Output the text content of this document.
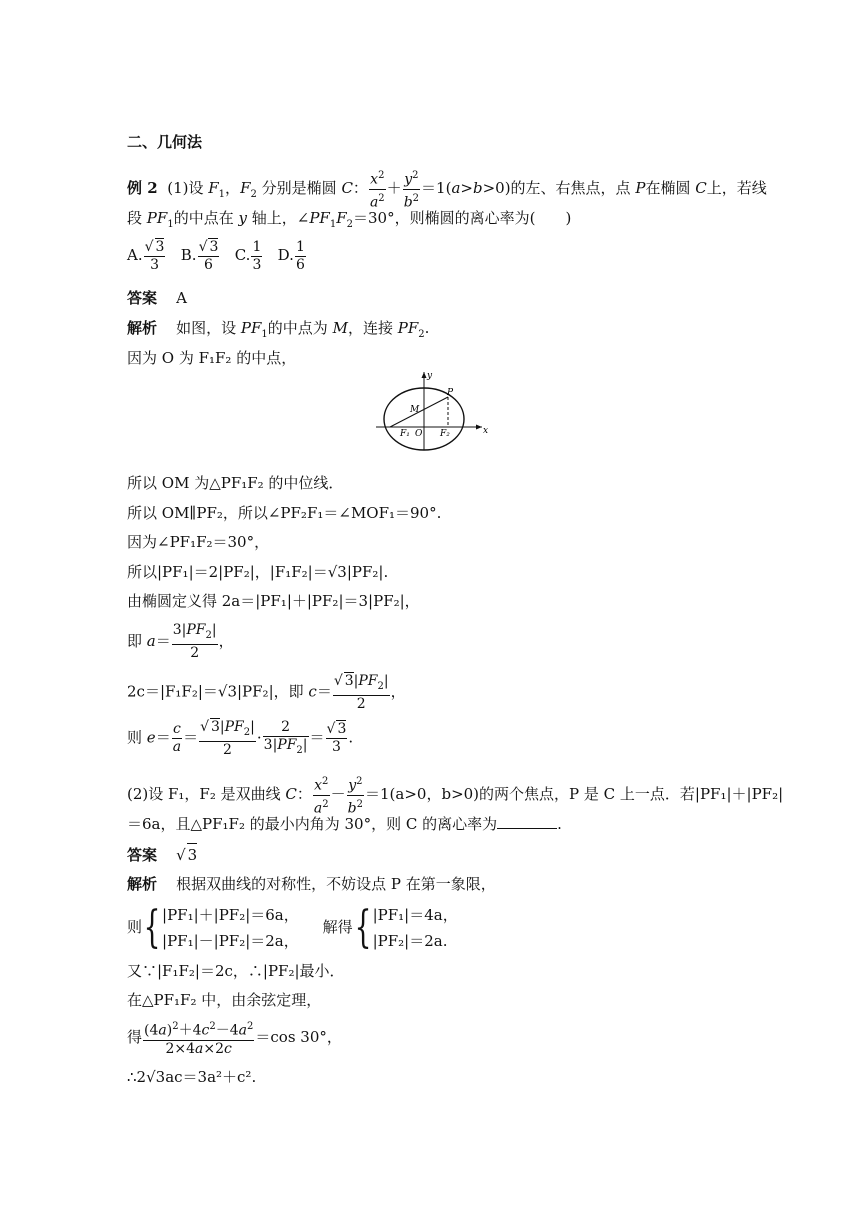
二、几何法
例 2 (1)设 $F_1$，$F_2$ 分别是椭圆 C： $\frac{x^2}{a^2} + \frac{y^2}{b^2} =1(a>b>0)$的左、右焦点，点 P在椭圆 C上，若线
段 $PF_1$的中点在 y 轴上，$\angle PF_1F_2=30^\circ$，则椭圆的离心率为(　　)
A. $\frac{√ 3}{3} B$. $\frac{√ 3}{6} C$. $\frac{1}{3} D$. $\frac{1}{6}$
答案 A
解析 如图，设 $PF_1$的中点为 M，连接 $PF_2$.
因为 O 为 F₁F₂ 的中点，
y
x
P
M
F₁ O F₂
所以 OM 为△PF₁F₂ 的中位线．
所以 OM∥PF₂，所以∠PF₂F₁＝∠MOF₁＝90°.
因为∠PF₁F₂＝30°，
所以|PF₁|＝2|PF₂|，|F₁F₂|＝√3|PF₂|.
由椭圆定义得 2a＝|PF₁|＋|PF₂|＝3|PF₂|，
即 $a= \frac{3|PF_2|}{2}$ ，
2c＝|F₁F₂|＝√3|PF₂|，即 $c= \frac{√ 3|PF_2|}{2}$ ，
则 $e= \frac{c}{a} = \frac{√ 3|PF_2|}{2} \cdot \frac{2}{3|PF_2|} = \frac{√ 3}{3}$ .
(2)设 F₁，F₂ 是双曲线 C： $\frac{x^2}{a^2} - \frac{y^2}{b^2} =1(a>0$，b>0)的两个焦点，P 是 C 上一点．若|PF₁|＋|PF₂|
＝6a，且△PF₁F₂ 的最小内角为 30°，则 C 的离心率为	.
答案    √ 3
解析 根据双曲线的对称性，不妨设点 P 在第一象限，
则{ |PF₁|＋|PF₂|＝6a，
|PF₁|－|PF₂|＝2a，
解得{ |PF₁|＝4a，
|PF₂|＝2a.
又∵|F₁F₂|＝2c，∴|PF₂|最小．
在△PF₁F₂ 中，由余弦定理，
得 $\frac{(4a)^2+4c^2-4a^2}{2\times 4a\times 2c} =\cos$ 30°，
∴2√3ac＝3a²＋c².
